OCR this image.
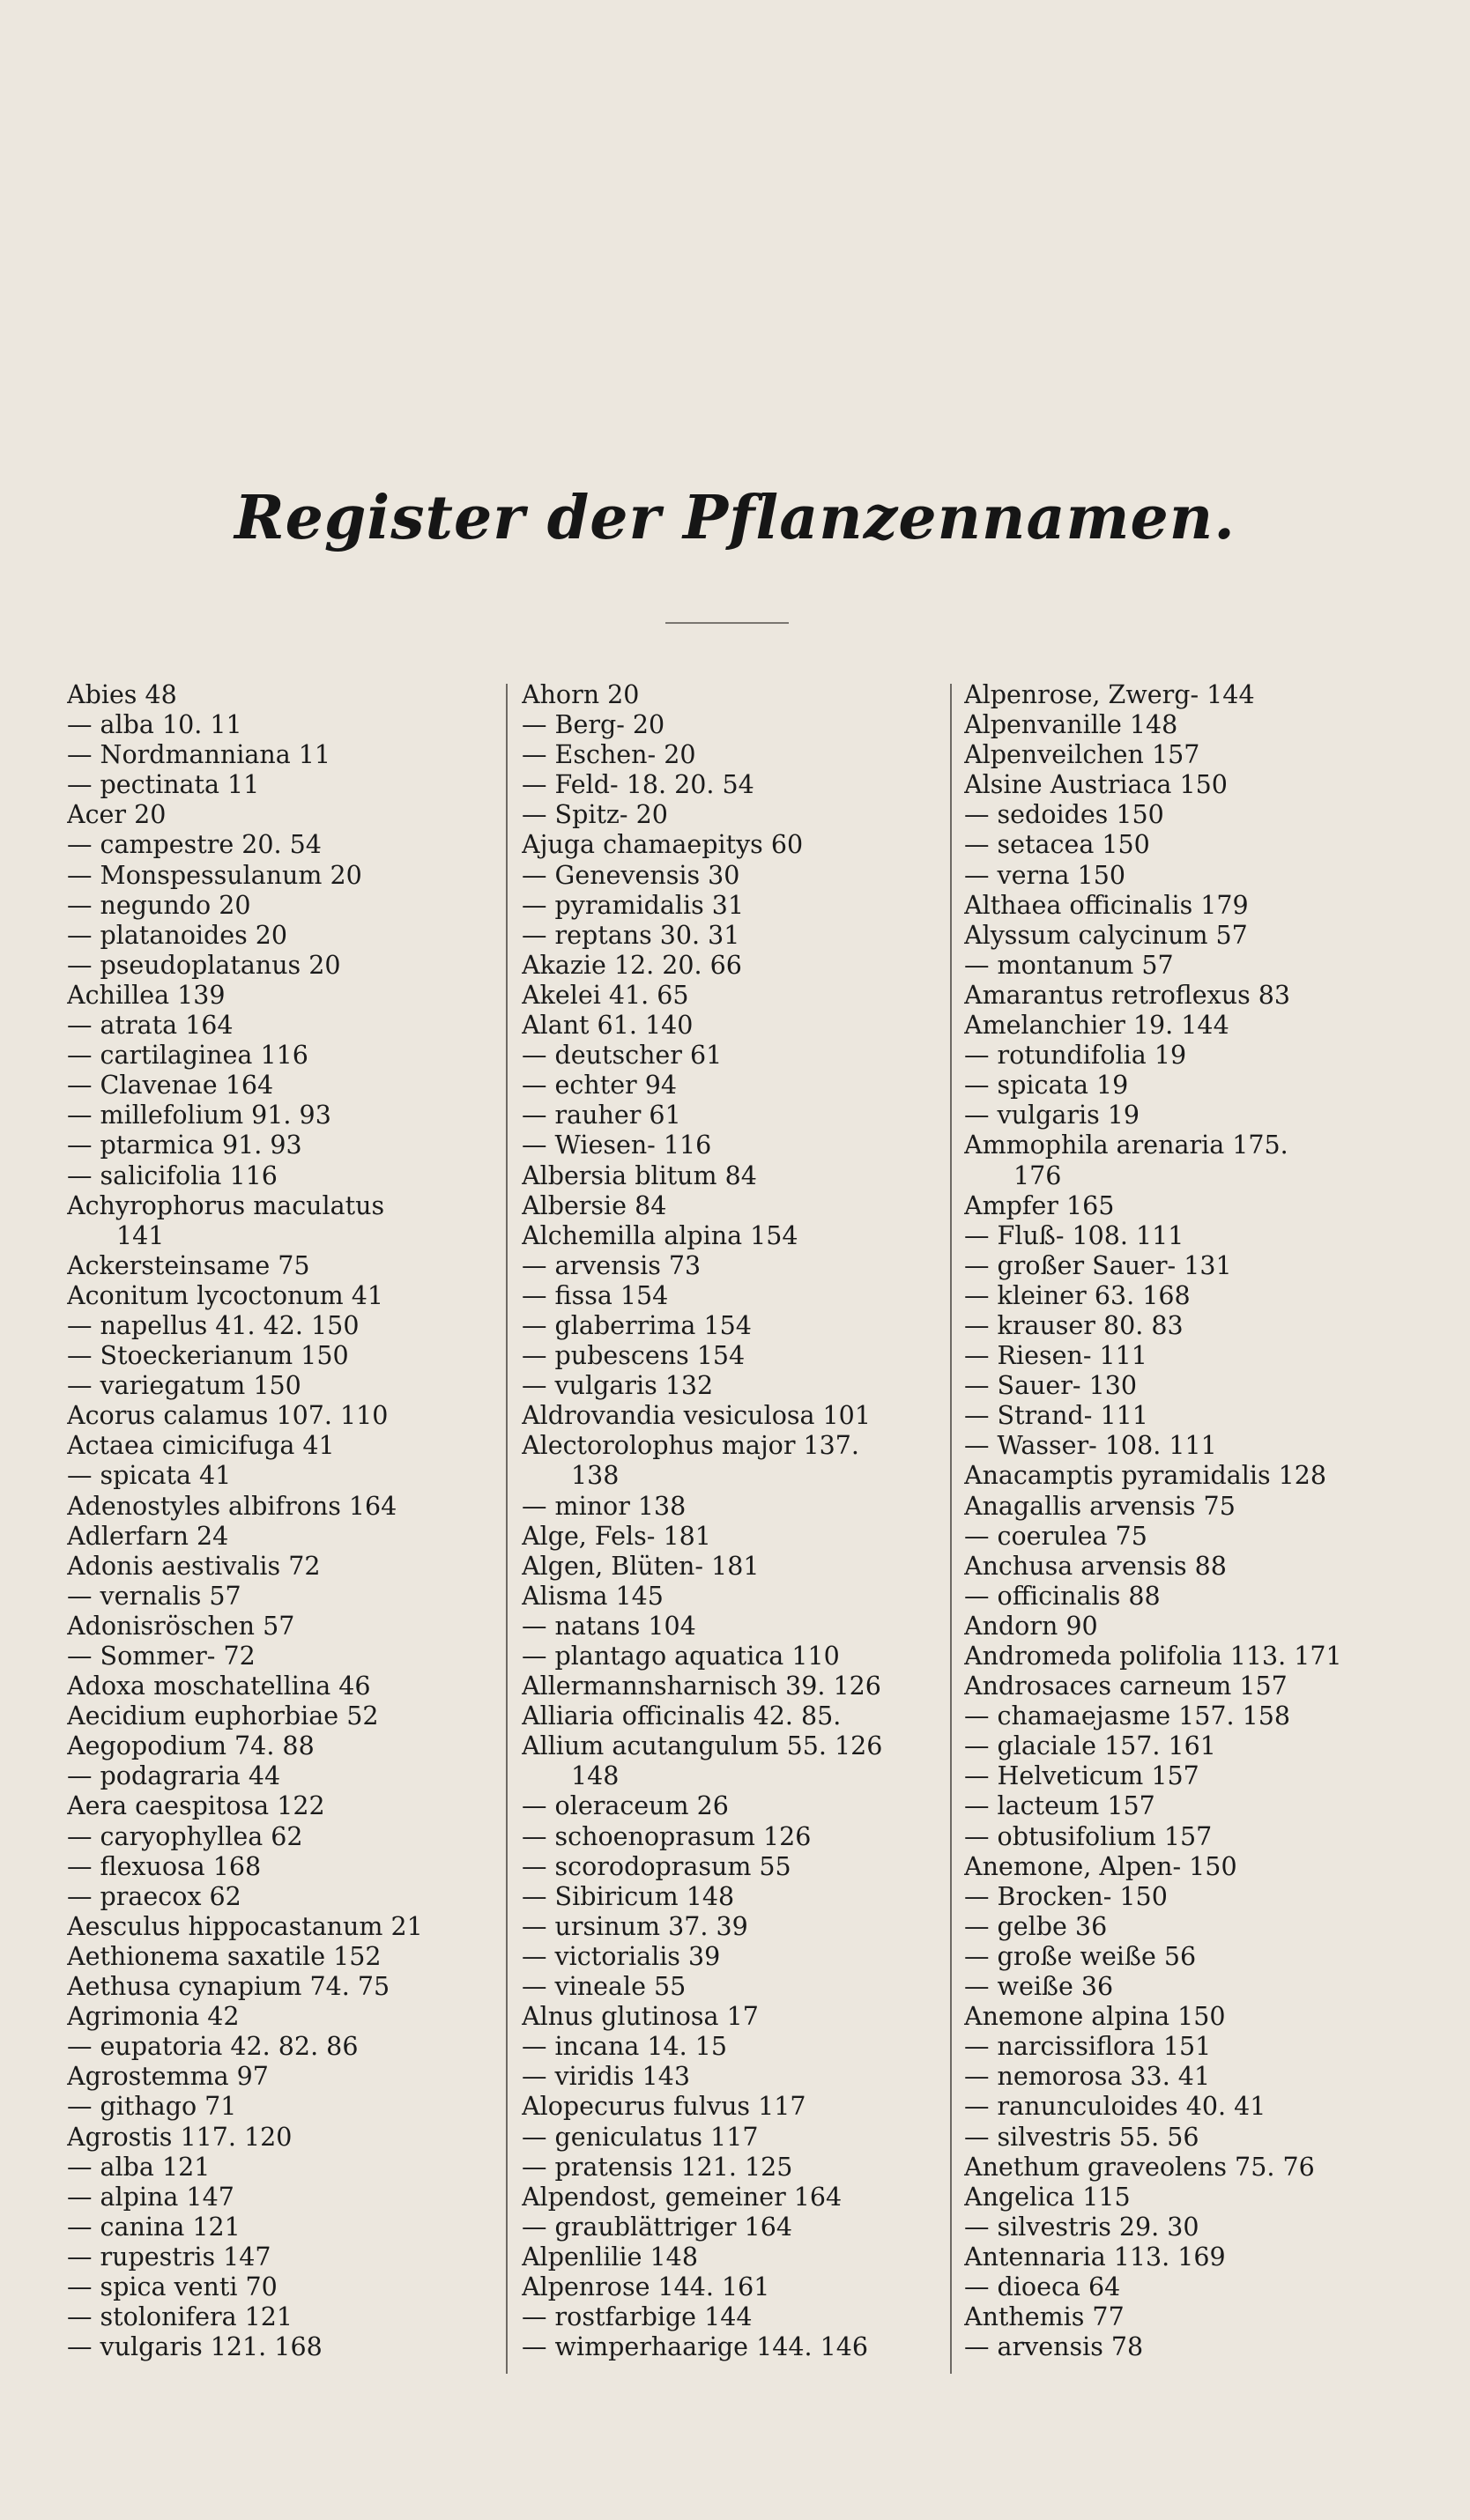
Register der Pflanzennamen.
Abies 48
— alba 10. 11
— Nordmanniana 11
— pectinata 11
Acer 20
— campestre 20. 54
— Monspessulanum 20
— negundo 20
— platanoides 20
— pseudoplatanus 20
Achillea 139
— atrata 164
— cartilaginea 116
— Clavenae 164
— millefolium 91. 93
— ptarmica 91. 93
— salicifolia 116
Achyrophorus maculatus
141
Ackersteinsame 75
Aconitum lycoctonum 41
— napellus 41. 42. 150
— Stoeckerianum 150
— variegatum 150
Acorus calamus 107. 110
Actaea cimicifuga 41
— spicata 41
Adenostyles albifrons 164
Adlerfarn 24
Adonis aestivalis 72
— vernalis 57
Adonisröschen 57
— Sommer- 72
Adoxa moschatellina 46
Aecidium euphorbiae 52
Aegopodium 74. 88
— podagraria 44
Aera caespitosa 122
— caryophyllea 62
— flexuosa 168
— praecox 62
Aesculus hippocastanum 21
Aethionema saxatile 152
Aethusa cynapium 74. 75
Agrimonia 42
— eupatoria 42. 82. 86
Agrostemma 97
— githago 71
Agrostis 117. 120
— alba 121
— alpina 147
— canina 121
— rupestris 147
— spica venti 70
— stolonifera 121
— vulgaris 121. 168
Ahorn 20
— Berg- 20
— Eschen- 20
— Feld- 18. 20. 54
— Spitz- 20
Ajuga chamaepitys 60
— Genevensis 30
— pyramidalis 31
— reptans 30. 31
Akazie 12. 20. 66
Akelei 41. 65
Alant 61. 140
— deutscher 61
— echter 94
— rauher 61
— Wiesen- 116
Albersia blitum 84
Albersie 84
Alchemilla alpina 154
— arvensis 73
— fissa 154
— glaberrima 154
— pubescens 154
— vulgaris 132
Aldrovandia vesiculosa 101
Alectorolophus major 137.
138
— minor 138
Alge, Fels- 181
Algen, Blüten- 181
Alisma 145
— natans 104
— plantago aquatica 110
Allermannsharnisch 39. 126
Alliaria officinalis 42. 85.
Allium acutangulum 55. 126
148
— oleraceum 26
— schoenoprasum 126
— scorodoprasum 55
— Sibiricum 148
— ursinum 37. 39
— victorialis 39
— vineale 55
Alnus glutinosa 17
— incana 14. 15
— viridis 143
Alopecurus fulvus 117
— geniculatus 117
— pratensis 121. 125
Alpendost, gemeiner 164
— graublättriger 164
Alpenlilie 148
Alpenrose 144. 161
— rostfarbige 144
— wimperhaarige 144. 146
Alpenrose, Zwerg- 144
Alpenvanille 148
Alpenveilchen 157
Alsine Austriaca 150
— sedoides 150
— setacea 150
— verna 150
Althaea officinalis 179
Alyssum calycinum 57
— montanum 57
Amarantus retroflexus 83
Amelanchier 19. 144
— rotundifolia 19
— spicata 19
— vulgaris 19
Ammophila arenaria 175.
176
Ampfer 165
— Fluß- 108. 111
— großer Sauer- 131
— kleiner 63. 168
— krauser 80. 83
— Riesen- 111
— Sauer- 130
— Strand- 111
— Wasser- 108. 111
Anacamptis pyramidalis 128
Anagallis arvensis 75
— coerulea 75
Anchusa arvensis 88
— officinalis 88
Andorn 90
Andromeda polifolia 113. 171
Androsaces carneum 157
— chamaejasme 157. 158
— glaciale 157. 161
— Helveticum 157
— lacteum 157
— obtusifolium 157
Anemone, Alpen- 150
— Brocken- 150
— gelbe 36
— große weiße 56
— weiße 36
Anemone alpina 150
— narcissiflora 151
— nemorosa 33. 41
— ranunculoides 40. 41
— silvestris 55. 56
Anethum graveolens 75. 76
Angelica 115
— silvestris 29. 30
Antennaria 113. 169
— dioeca 64
Anthemis 77
— arvensis 78
